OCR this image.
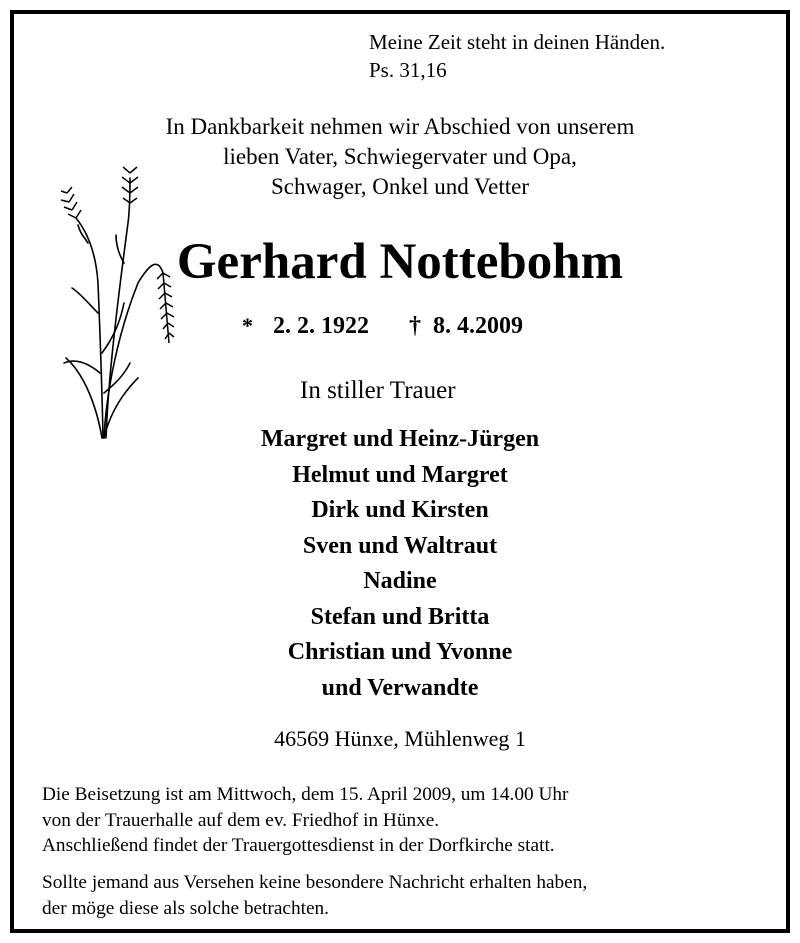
Meine Zeit steht in deinen Händen.
Ps. 31,16
In Dankbarkeit nehmen wir Abschied von unserem
lieben Vater, Schwiegervater und Opa,
Schwager, Onkel und Vetter
Gerhard Nottebohm
* 2. 2. 1922 † 8. 4.2009
In stiller Trauer
Margret und Heinz-Jürgen
Helmut und Margret
Dirk und Kirsten
Sven und Waltraut
Nadine
Stefan und Britta
Christian und Yvonne
und Verwandte
46569 Hünxe, Mühlenweg 1
Die Beisetzung ist am Mittwoch, dem 15. April 2009, um 14.00 Uhr
von der Trauerhalle auf dem ev. Friedhof in Hünxe.
Anschließend findet der Trauergottesdienst in der Dorfkirche statt.
Sollte jemand aus Versehen keine besondere Nachricht erhalten haben,
der möge diese als solche betrachten.
